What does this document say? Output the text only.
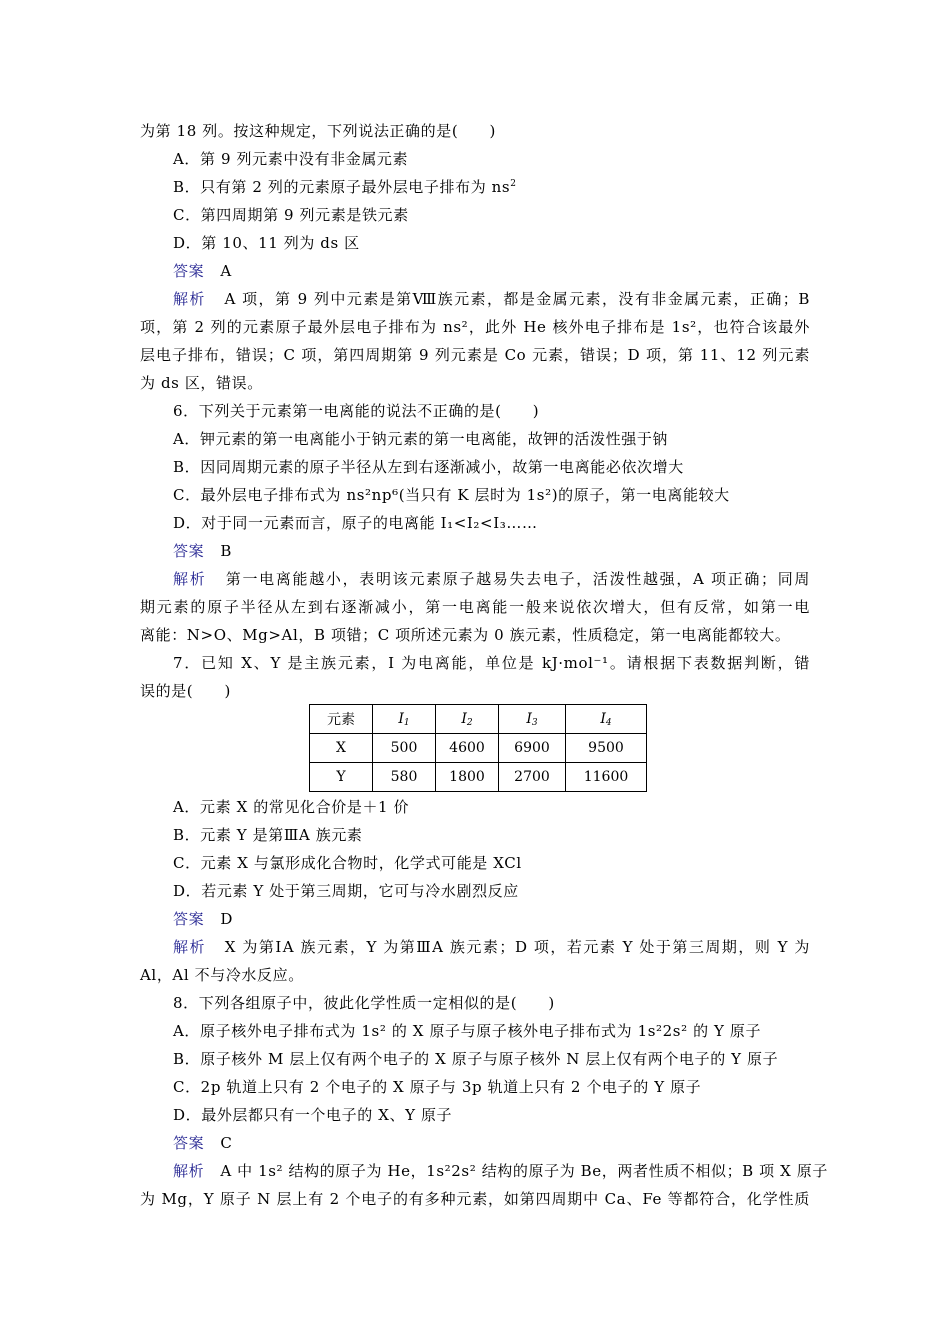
为第 18 列。按这种规定，下列说法正确的是(　　)
A．第 9 列元素中没有非金属元素
B．只有第 2 列的元素原子最外层电子排布为 $ns^2$
C．第四周期第 9 列元素是铁元素
D．第 10、11 列为 ds 区
答案 A
解析 A 项，第 9 列中元素是第Ⅷ族元素，都是金属元素，没有非金属元素，正确；B
项，第 2 列的元素原子最外层电子排布为 ns²，此外 He 核外电子排布是 1s²，也符合该最外
层电子排布，错误；C 项，第四周期第 9 列元素是 Co 元素，错误；D 项，第 11、12 列元素
为 ds 区，错误。
6．下列关于元素第一电离能的说法不正确的是(　　)
A．钾元素的第一电离能小于钠元素的第一电离能，故钾的活泼性强于钠
B．因同周期元素的原子半径从左到右逐渐减小，故第一电离能必依次增大
C．最外层电子排布式为 ns²np⁶(当只有 K 层时为 1s²)的原子，第一电离能较大
D．对于同一元素而言，原子的电离能 I₁<I₂<I₃……
答案 B
解析 第一电离能越小，表明该元素原子越易失去电子，活泼性越强，A 项正确；同周
期元素的原子半径从左到右逐渐减小，第一电离能一般来说依次增大，但有反常，如第一电
离能：N>O、Mg>Al，B 项错；C 项所述元素为 0 族元素，性质稳定，第一电离能都较大。
7．已知 X、Y 是主族元素，I 为电离能，单位是 kJ·mol⁻¹。请根据下表数据判断，错
误的是(　　)
元素	$I_1$	$I_2$	$I_3$	$I_4$
X	500	4600	6900	9500
Y	580	1800	2700	11600
A．元素 X 的常见化合价是＋1 价
B．元素 Y 是第ⅢA 族元素
C．元素 X 与氯形成化合物时，化学式可能是 XCl
D．若元素 Y 处于第三周期，它可与冷水剧烈反应
答案 D
解析 X 为第ⅠA 族元素，Y 为第ⅢA 族元素；D 项，若元素 Y 处于第三周期，则 Y 为
Al，Al 不与冷水反应。
8．下列各组原子中，彼此化学性质一定相似的是(　　)
A．原子核外电子排布式为 1s² 的 X 原子与原子核外电子排布式为 1s²2s² 的 Y 原子
B．原子核外 M 层上仅有两个电子的 X 原子与原子核外 N 层上仅有两个电子的 Y 原子
C．2p 轨道上只有 2 个电子的 X 原子与 3p 轨道上只有 2 个电子的 Y 原子
D．最外层都只有一个电子的 X、Y 原子
答案 C
解析 A 中 1s² 结构的原子为 He，1s²2s² 结构的原子为 Be，两者性质不相似；B 项 X 原子
为 Mg，Y 原子 N 层上有 2 个电子的有多种元素，如第四周期中 Ca、Fe 等都符合，化学性质
